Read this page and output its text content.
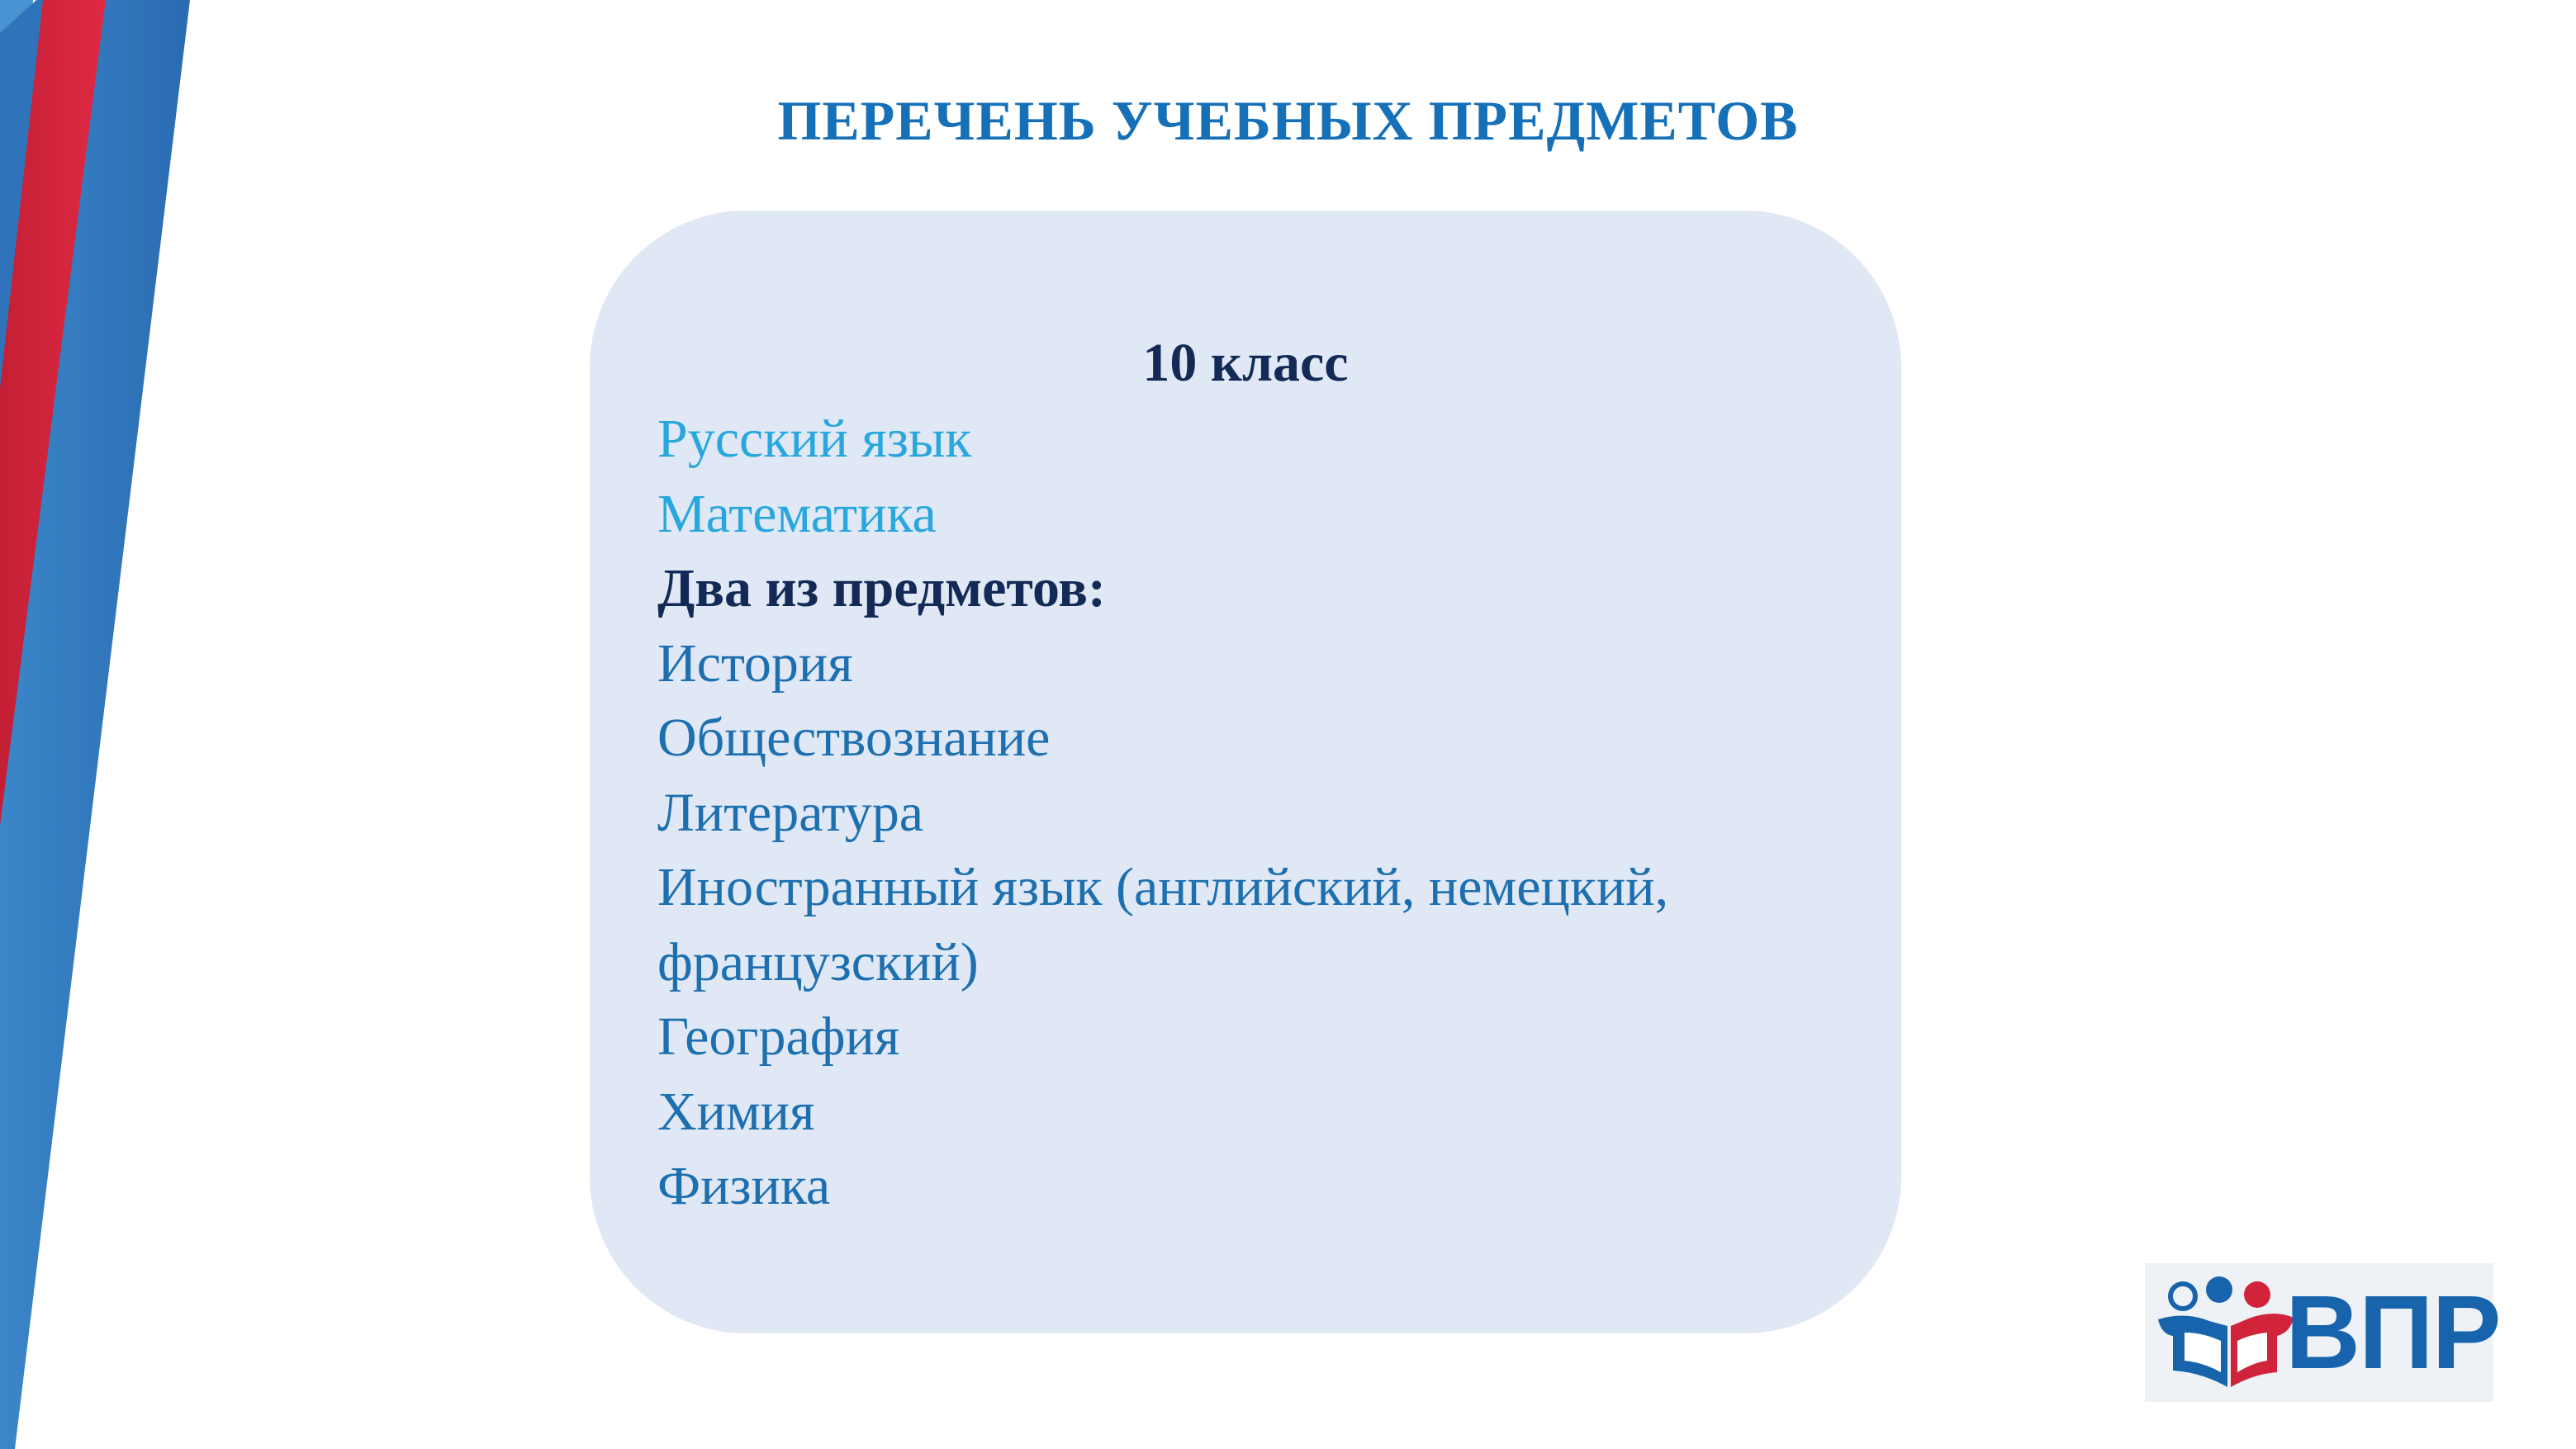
ПЕРЕЧЕНЬ УЧЕБНЫХ ПРЕДМЕТОВ
10 класс
Русский язык
Математика
Два из предметов:
История
Обществознание
Литература
Иностранный язык (английский, немецкий,
французский)
География
Химия
Физика
ВПР
